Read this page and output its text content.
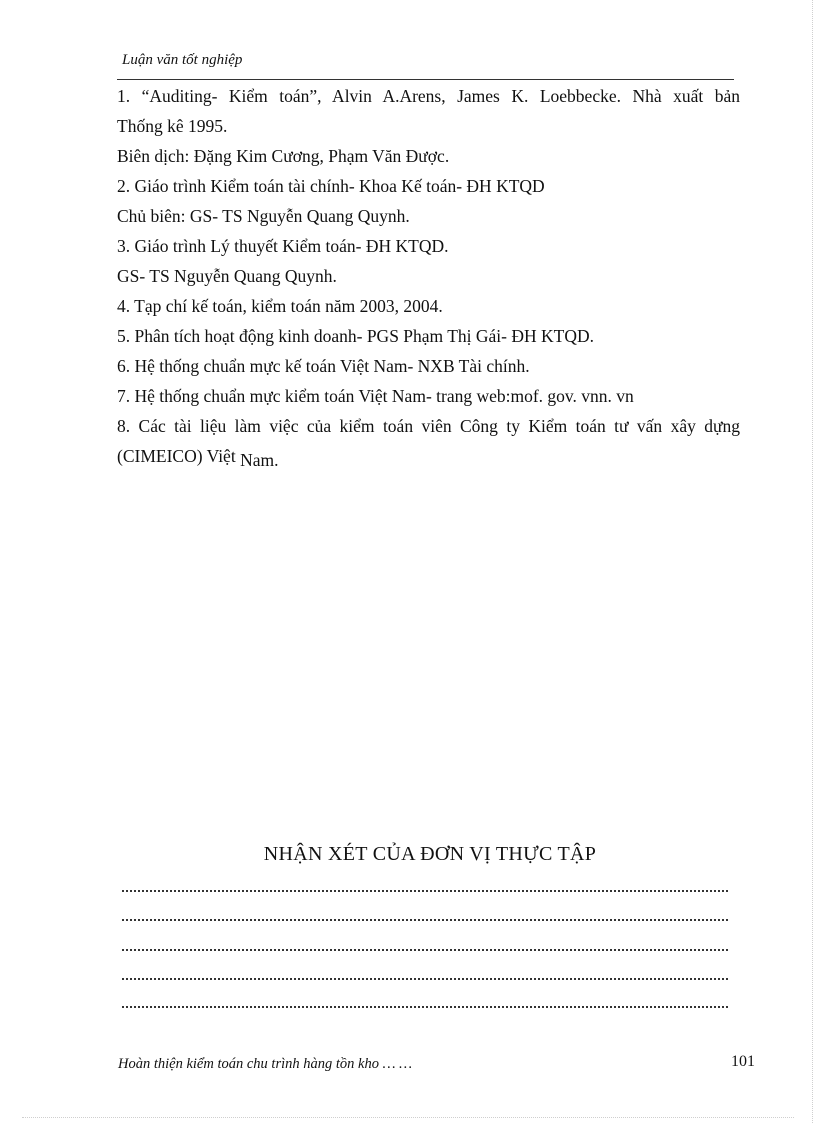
Luận văn tốt nghiệp
1. “Auditing- Kiểm toán”, Alvin A.Arens, James K. Loebbecke. Nhà xuất bản
Thống kê 1995.
Biên dịch: Đặng Kim Cương, Phạm Văn Được.
2. Giáo trình Kiểm toán tài chính- Khoa Kế toán- ĐH KTQD
Chủ biên: GS- TS Nguyễn Quang Quynh.
3. Giáo trình Lý thuyết Kiểm toán- ĐH KTQD.
GS- TS Nguyễn Quang Quynh.
4. Tạp chí kế toán, kiểm toán năm 2003, 2004.
5. Phân tích hoạt động kinh doanh- PGS Phạm Thị Gái- ĐH KTQD.
6. Hệ thống chuẩn mực kế toán Việt Nam- NXB Tài chính.
7. Hệ thống chuẩn mực kiểm toán Việt Nam- trang web:mof. gov. vnn. vn
8. Các tài liệu làm việc của kiểm toán viên Công ty Kiểm toán tư vấn xây dựng
(CIMEICO) Việt Nam.
NHẬN XÉT CỦA ĐƠN VỊ THỰC TẬP
Hoàn thiện kiểm toán chu trình hàng tồn kho … …	101
